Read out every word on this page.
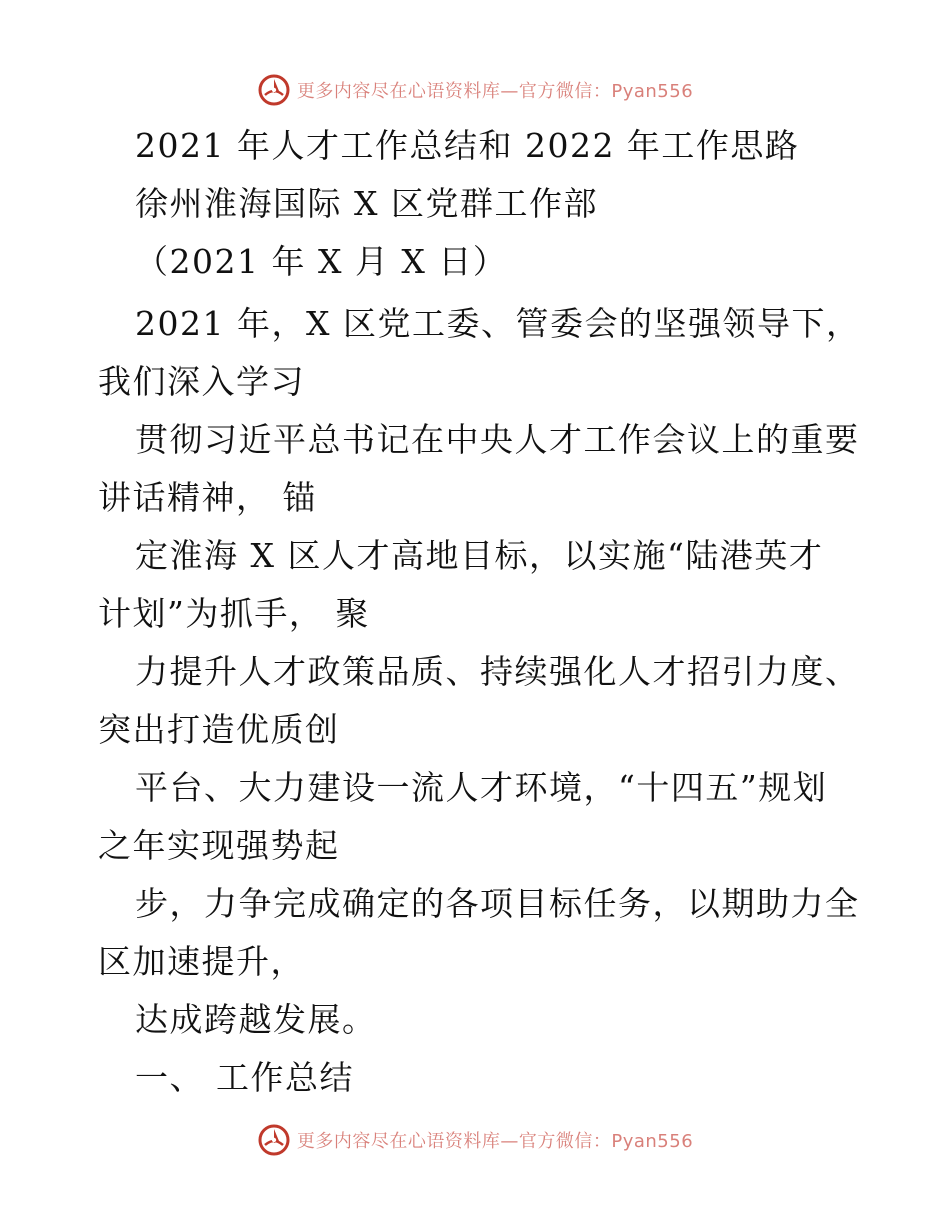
更多内容尽在心语资料库—官方微信：Pyan556
2021 年人才工作总结和 2022 年工作思路
徐州淮海国际 X 区党群工作部
（2021 年 X 月 X 日）
2021 年，X 区党工委、管委会的坚强领导下，
我们深入学习
贯彻习近平总书记在中央人才工作会议上的重要
讲话精神， 锚
定淮海 X 区人才高地目标，以实施“陆港英才
计划”为抓手， 聚
力提升人才政策品质、持续强化人才招引力度、
突出打造优质创
平台、大力建设一流人才环境，“十四五”规划
之年实现强势起
步，力争完成确定的各项目标任务，以期助力全
区加速提升，
达成跨越发展。
一、 工作总结
更多内容尽在心语资料库—官方微信：Pyan556
